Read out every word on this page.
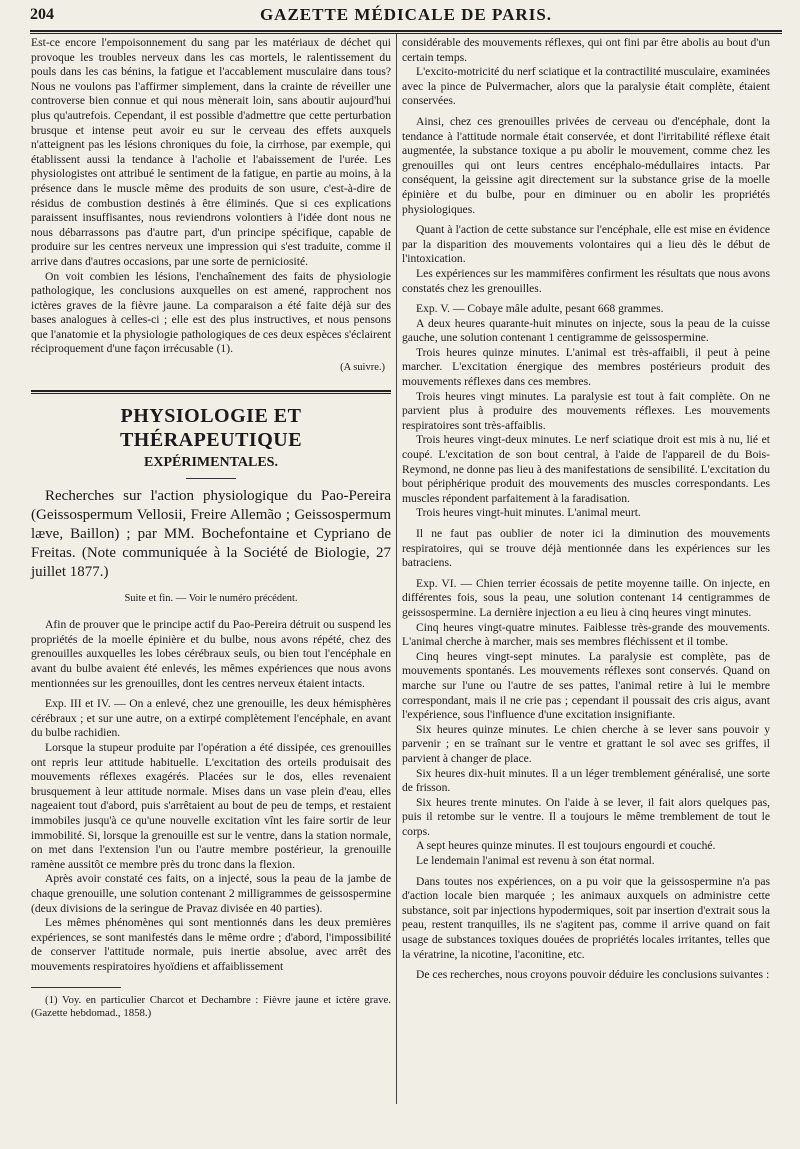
204	GAZETTE MÉDICALE DE PARIS.

Est-ce encore l'empoisonnement du sang par les matériaux de déchet qui provoque les troubles nerveux dans les cas mortels, le ralentissement du pouls dans les cas bénins, la fatigue et l'accablement musculaire dans tous? Nous ne voulons pas l'affirmer simplement, dans la crainte de réveiller une controverse bien connue et qui nous mènerait loin, sans aboutir aujourd'hui plus qu'autrefois. Cependant, il est possible d'admettre que cette perturbation brusque et intense peut avoir eu sur le cerveau des effets auxquels n'atteignent pas les lésions chroniques du foie, la cirrhose, par exemple, qui établissent aussi la tendance à l'acholie et l'abaissement de l'urée. Les physiologistes ont attribué le sentiment de la fatigue, en partie au moins, à la présence dans le muscle même des produits de son usure, c'est-à-dire de résidus de combustion destinés à être éliminés. Que si ces explications paraissent insuffisantes, nous reviendrons volontiers à l'idée dont nous ne nous débarrassons pas d'autre part, d'un principe spécifique, capable de produire sur les centres nerveux une impression qui s'est traduite, comme il arrive dans d'autres occasions, par une sorte de perniciosité.

On voit combien les lésions, l'enchaînement des faits de physiologie pathologique, les conclusions auxquelles on est amené, rapprochent nos ictères graves de la fièvre jaune. La comparaison a été faite déjà sur des bases analogues à celles-ci ; elle est des plus instructives, et nous pensons que l'anatomie et la physiologie pathologiques de ces deux espèces s'éclairent réciproquement d'une façon irrécusable (1).

(A suivre.)
PHYSIOLOGIE ET THÉRAPEUTIQUE
EXPÉRIMENTALES.

Recherches sur l'action physiologique du Pao-Pereira (Geissospermum Vellosii, Freire Allemão ; Geissospermum læve, Baillon) ; par MM. Bochefontaine et Cypriano de Freitas. (Note communiquée à la Société de Biologie, 27 juillet 1877.)

Suite et fin. — Voir le numéro précédent.

Afin de prouver que le principe actif du Pao-Pereira détruit ou suspend les propriétés de la moelle épinière et du bulbe, nous avons répété, chez des grenouilles auxquelles les lobes cérébraux seuls, ou bien tout l'encéphale en avant du bulbe avaient été enlevés, les mêmes expériences que nous avons mentionnées sur les grenouilles, dont les centres nerveux étaient intacts.

Exp. III et IV. — On a enlevé, chez une grenouille, les deux hémisphères cérébraux ; et sur une autre, on a extirpé complètement l'encéphale, en avant du bulbe rachidien.

Lorsque la stupeur produite par l'opération a été dissipée, ces grenouilles ont repris leur attitude habituelle. L'excitation des orteils produisait des mouvements réflexes exagérés. Placées sur le dos, elles revenaient brusquement à leur attitude normale. Mises dans un vase plein d'eau, elles nageaient tout d'abord, puis s'arrêtaient au bout de peu de temps, et restaient immobiles jusqu'à ce qu'une nouvelle excitation vînt les faire sortir de leur immobilité. Si, lorsque la grenouille est sur le ventre, dans la station normale, on met dans l'extension l'un ou l'autre membre postérieur, la grenouille ramène aussitôt ce membre près du tronc dans la flexion.

Après avoir constaté ces faits, on a injecté, sous la peau de la jambe de chaque grenouille, une solution contenant 2 milligrammes de geissospermine (deux divisions de la seringue de Pravaz divisée en 40 parties).

Les mêmes phénomènes qui sont mentionnés dans les deux premières expériences, se sont manifestés dans le même ordre ; d'abord, l'impossibilité de conserver l'attitude normale, puis inertie absolue, avec arrêt des mouvements respiratoires hyoïdiens et affaiblissement

(1) Voy. en particulier Charcot et Dechambre : Fièvre jaune et ictère grave. (Gazette hebdomad., 1858.)

considérable des mouvements réflexes, qui ont fini par être abolis au bout d'un certain temps.

L'excito-motricité du nerf sciatique et la contractilité musculaire, examinées avec la pince de Pulvermacher, alors que la paralysie était complète, étaient conservées.

Ainsi, chez ces grenouilles privées de cerveau ou d'encéphale, dont la tendance à l'attitude normale était conservée, et dont l'irritabilité réflexe était augmentée, la substance toxique a pu abolir le mouvement, comme chez les grenouilles qui ont leurs centres encéphalo-médullaires intacts. Par conséquent, la geissine agit directement sur la substance grise de la moelle épinière et du bulbe, pour en diminuer ou en abolir les propriétés physiologiques.

Quant à l'action de cette substance sur l'encéphale, elle est mise en évidence par la disparition des mouvements volontaires qui a lieu dès le début de l'intoxication.

Les expériences sur les mammifères confirment les résultats que nous avons constatés chez les grenouilles.

Exp. V. — Cobaye mâle adulte, pesant 668 grammes.

A deux heures quarante-huit minutes on injecte, sous la peau de la cuisse gauche, une solution contenant 1 centigramme de geissospermine.

Trois heures quinze minutes. L'animal est très-affaibli, il peut à peine marcher. L'excitation énergique des membres postérieurs produit des mouvements réflexes dans ces membres.

Trois heures vingt minutes. La paralysie est tout à fait complète. On ne parvient plus à produire des mouvements réflexes. Les mouvements respiratoires sont très-affaiblis.

Trois heures vingt-deux minutes. Le nerf sciatique droit est mis à nu, lié et coupé. L'excitation de son bout central, à l'aide de l'appareil de du Bois-Reymond, ne donne pas lieu à des manifestations de sensibilité. L'excitation du bout périphérique produit des mouvements des muscles correspondants. Les muscles répondent parfaitement à la faradisation.

Trois heures vingt-huit minutes. L'animal meurt.

Il ne faut pas oublier de noter ici la diminution des mouvements respiratoires, qui se trouve déjà mentionnée dans les expériences sur les batraciens.

Exp. VI. — Chien terrier écossais de petite moyenne taille. On injecte, en différentes fois, sous la peau, une solution contenant 14 centigrammes de geissospermine. La dernière injection a eu lieu à cinq heures vingt minutes.

Cinq heures vingt-quatre minutes. Faiblesse très-grande des mouvements. L'animal cherche à marcher, mais ses membres fléchissent et il tombe.

Cinq heures vingt-sept minutes. La paralysie est complète, pas de mouvements spontanés. Les mouvements réflexes sont conservés. Quand on marche sur l'une ou l'autre de ses pattes, l'animal retire à lui le membre correspondant, mais il ne crie pas ; cependant il poussait des cris aigus, avant l'expérience, sous l'influence d'une excitation insignifiante.

Six heures quinze minutes. Le chien cherche à se lever sans pouvoir y parvenir ; en se traînant sur le ventre et grattant le sol avec ses griffes, il parvient à changer de place.

Six heures dix-huit minutes. Il a un léger tremblement généralisé, une sorte de frisson.

Six heures trente minutes. On l'aide à se lever, il fait alors quelques pas, puis il retombe sur le ventre. Il a toujours le même tremblement de tout le corps.

A sept heures quinze minutes. Il est toujours engourdi et couché.

Le lendemain l'animal est revenu à son état normal.

Dans toutes nos expériences, on a pu voir que la geissospermine n'a pas d'action locale bien marquée ; les animaux auxquels on administre cette substance, soit par injections hypodermiques, soit par insertion d'extrait sous la peau, restent tranquilles, ils ne s'agitent pas, comme il arrive quand on fait usage de substances toxiques douées de propriétés locales irritantes, telles que la vératrine, la nicotine, l'aconitine, etc.

De ces recherches, nous croyons pouvoir déduire les conclusions suivantes :
